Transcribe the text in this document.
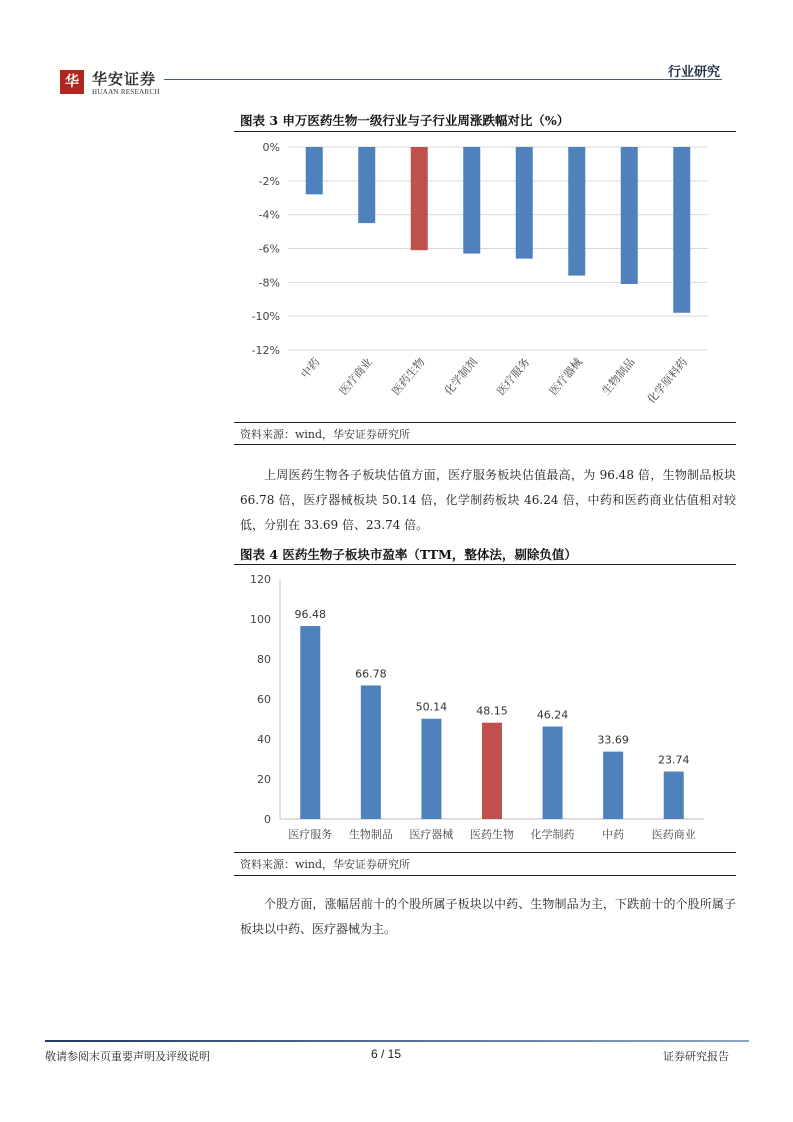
华 华安证券
HUAAN RESEARCH
行业研究
图表 3 申万医药生物一级行业与子行业周涨跌幅对比（%）
0%
-2%
-4%
-6%
-8%
-10%
-12%
中药 医疗商业 医药生物 化学制剂 医疗服务 医疗器械 生物制品 化学原料药
资料来源：wind，华安证券研究所

上周医药生物各子板块估值方面，医疗服务板块估值最高，为 96.48 倍，生物制品板块 66.78 倍，医疗器械板块 50.14 倍，化学制药板块 46.24 倍，中药和医药商业估值相对较低，分别在 33.69 倍、23.74 倍。

图表 4 医药生物子板块市盈率（TTM，整体法，剔除负值）
120
100
80
60
40
20
0
96.48
医疗服务
66.78
生物制品
50.14
医疗器械
48.15
医药生物
46.24
化学制药
33.69
中药
23.74
医药商业
资料来源：wind，华安证券研究所

个股方面，涨幅居前十的个股所属子板块以中药、生物制品为主，下跌前十的个股所属子板块以中药、医疗器械为主。

敬请参阅末页重要声明及评级说明	6 / 15	证券研究报告
